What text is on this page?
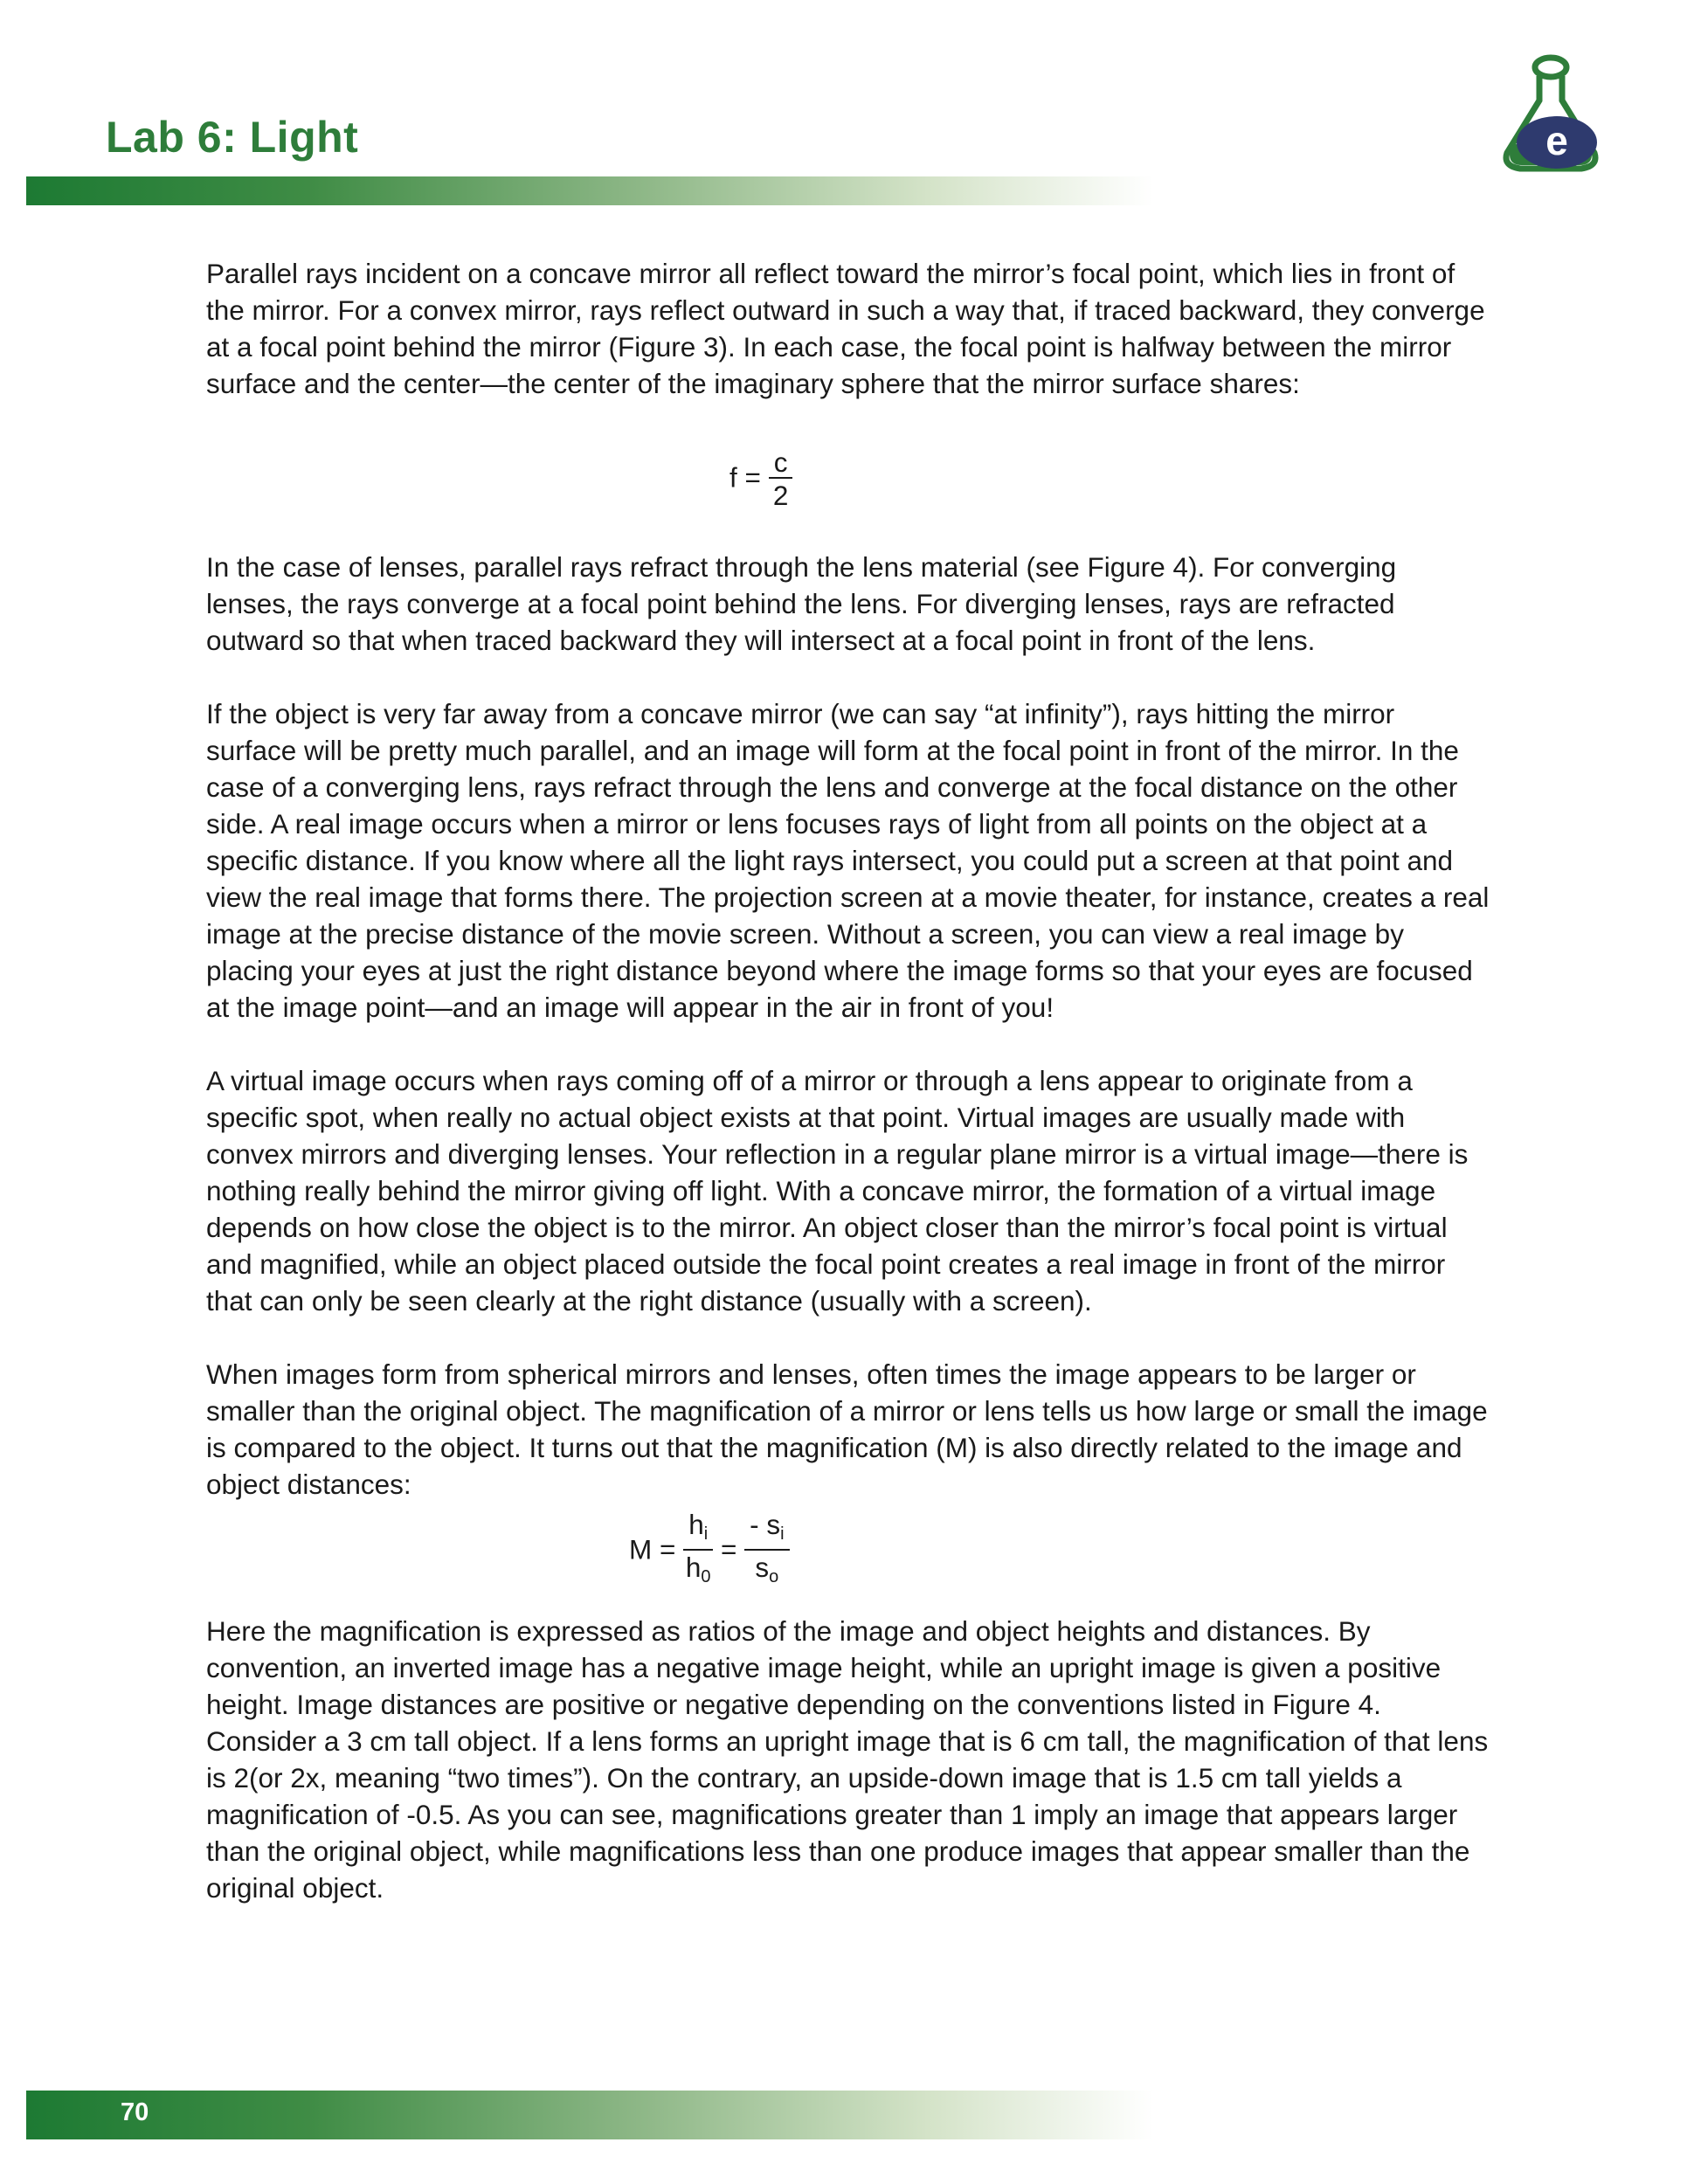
Lab 6: Light	e

Parallel rays incident on a concave mirror all reflect toward the mirror’s focal point, which lies in front of the mirror. For a convex mirror, rays reflect outward in such a way that, if traced backward, they converge at a focal point behind the mirror (Figure 3). In each case, the focal point is halfway between the mirror surface and the center—the center of the imaginary sphere that the mirror surface shares:

In the case of lenses, parallel rays refract through the lens material (see Figure 4). For converging lenses, the rays converge at a focal point behind the lens. For diverging lenses, rays are refracted outward so that when traced backward they will intersect at a focal point in front of the lens.

If the object is very far away from a concave mirror (we can say “at infinity”), rays hitting the mirror surface will be pretty much parallel, and an image will form at the focal point in front of the mirror. In the case of a converging lens, rays refract through the lens and converge at the focal distance on the other side. A real image occurs when a mirror or lens focuses rays of light from all points on the object at a specific distance. If you know where all the light rays intersect, you could put a screen at that point and view the real image that forms there. The projection screen at a movie theater, for instance, creates a real image at the precise distance of the movie screen. Without a screen, you can view a real image by placing your eyes at just the right distance beyond where the image forms so that your eyes are focused at the image point—and an image will appear in the air in front of you!

A virtual image occurs when rays coming off of a mirror or through a lens appear to originate from a specific spot, when really no actual object exists at that point. Virtual images are usually made with convex mirrors and diverging lenses. Your reflection in a regular plane mirror is a virtual image—there is nothing really behind the mirror giving off light. With a concave mirror, the formation of a virtual image depends on how close the object is to the mirror. An object closer than the mirror’s focal point is virtual and magnified, while an object placed outside the focal point creates a real image in front of the mirror that can only be seen clearly at the right distance (usually with a screen).

When images form from spherical mirrors and lenses, often times the image appears to be larger or smaller than the original object. The magnification of a mirror or lens tells us how large or small the image is compared to the object. It turns out that the magnification (M) is also directly related to the image and object distances:

Here the magnification is expressed as ratios of the image and object heights and distances. By convention, an inverted image has a negative image height, while an upright image is given a positive height. Image distances are positive or negative depending on the conventions listed in Figure 4. Consider a 3 cm tall object. If a lens forms an upright image that is 6 cm tall, the magnification of that lens is 2(or 2x, meaning “two times”). On the contrary, an upside-down image that is 1.5 cm tall yields a magnification of -0.5. As you can see, magnifications greater than 1 imply an image that appears larger than the original object, while magnifications less than one produce images that appear smaller than the original object.

$f = \frac{c}{2}$
$M = \frac{h_i}{h_0} = \frac{- s_i}{s_o}$
70
